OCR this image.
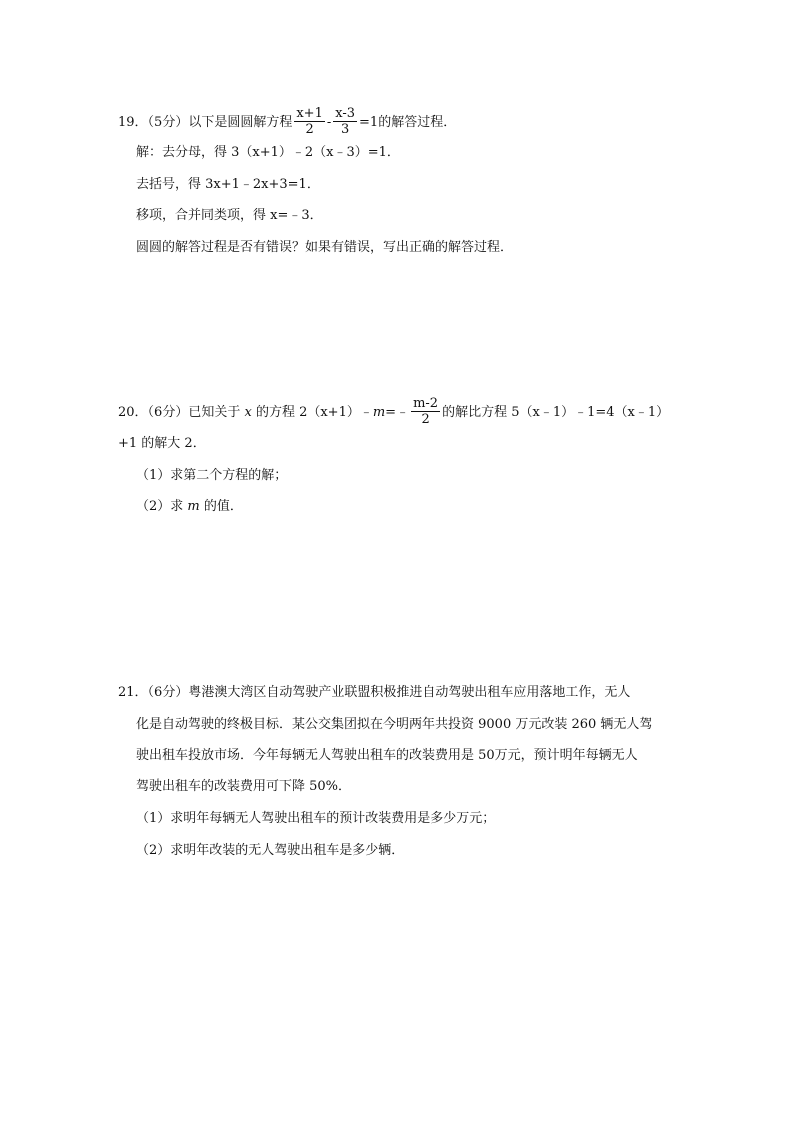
19．（5分）以下是圆圆解方程 $\frac{x+1}{2} - \frac{x-3}{3} =1$的解答过程．
解：去分母，得 3（x+1）﹣2（x﹣3）=1．
去括号，得 3x+1﹣2x+3=1．
移项，合并同类项，得 x=﹣3．
圆圆的解答过程是否有错误？如果有错误，写出正确的解答过程．
20．（6分）已知关于 x 的方程 2（x+1）﹣m=﹣ $\frac{m-2}{2}$ 的解比方程 5（x﹣1）﹣1=4（x﹣1）
+1 的解大 2．
（1）求第二个方程的解；
（2）求 m 的值．
21．（6分）粤港澳大湾区自动驾驶产业联盟积极推进自动驾驶出租车应用落地工作，无人
化是自动驾驶的终极目标．某公交集团拟在今明两年共投资 9000 万元改装 260 辆无人驾
驶出租车投放市场．今年每辆无人驾驶出租车的改装费用是 50万元，预计明年每辆无人
驾驶出租车的改装费用可下降 50%．
（1）求明年每辆无人驾驶出租车的预计改装费用是多少万元；
（2）求明年改装的无人驾驶出租车是多少辆．
